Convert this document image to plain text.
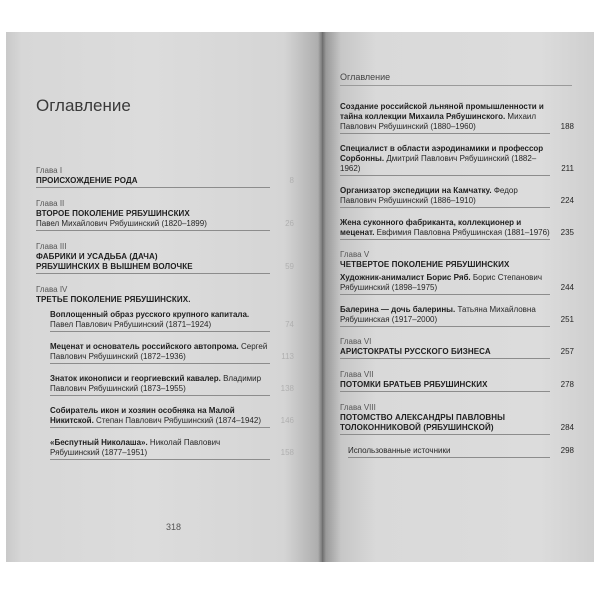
Оглавление
Глава I
ПРОИСХОЖДЕНИЕ РОДА	8
Глава II
ВТОРОЕ ПОКОЛЕНИЕ РЯБУШИНСКИХ
Павел Михайлович Рябушинский (1820–1899)	26
Глава III
ФАБРИКИ И УСАДЬБА (ДАЧА)
РЯБУШИНСКИХ В ВЫШНЕМ ВОЛОЧКЕ	59
Глава IV
ТРЕТЬЕ ПОКОЛЕНИЕ РЯБУШИНСКИХ.
Воплощенный образ русского крупного капитала. Павел Павлович Рябушинский (1871–1924)	74
Меценат и основатель российского автопрома. Сергей Павлович Рябушинский (1872–1936)	113
Знаток иконописи и георгиевский кавалер. Владимир Павлович Рябушинский (1873–1955)	138
Собиратель икон и хозяин особняка на Малой Никитской. Степан Павлович Рябушинский (1874–1942)	146
«Беспутный Николаша». Николай Павлович Рябушинский (1877–1951)	158
318
Оглавление
Создание российской льняной промышленности и тайна коллекции Михаила Рябушинского. Михаил Павлович Рябушинский (1880–1960)	188
Специалист в области аэродинамики и профессор Сорбонны. Дмитрий Павлович Рябушинский (1882–1962)	211
Организатор экспедиции на Камчатку. Федор Павлович Рябушинский (1886–1910)	224
Жена суконного фабриканта, коллекционер и меценат. Евфимия Павловна Рябушинская (1881–1976)	235
Глава V
ЧЕТВЕРТОЕ ПОКОЛЕНИЕ РЯБУШИНСКИХ
Художник-анималист Борис Ряб. Борис Степанович Рябушинский (1898–1975)	244
Балерина — дочь балерины. Татьяна Михайловна Рябушинская (1917–2000)	251
Глава VI
АРИСТОКРАТЫ РУССКОГО БИЗНЕСА	257
Глава VII
ПОТОМКИ БРАТЬЕВ РЯБУШИНСКИХ	278
Глава VIII
ПОТОМСТВО АЛЕКСАНДРЫ ПАВЛОВНЫ
ТОЛОКОННИКОВОЙ (РЯБУШИНСКОЙ)	284
Использованные источники	298
